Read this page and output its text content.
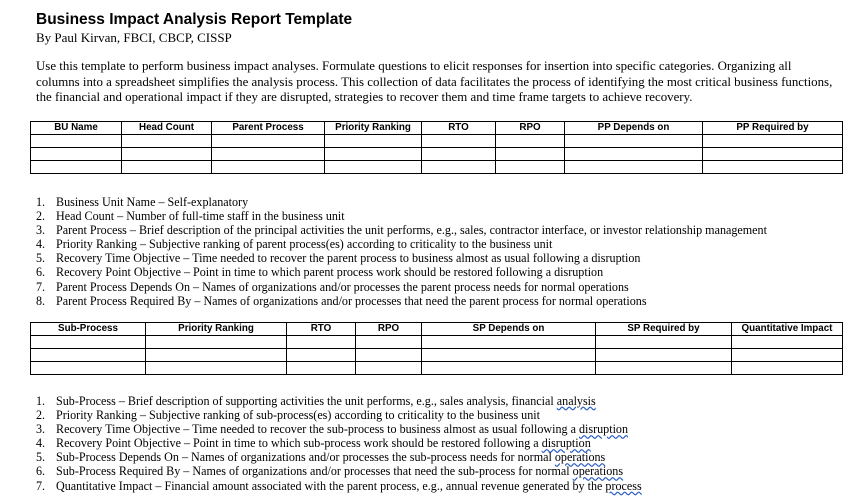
Business Impact Analysis Report Template
By Paul Kirvan, FBCI, CBCP, CISSP

Use this template to perform business impact analyses. Formulate questions to elicit responses for insertion into specific categories. Organizing all columns into a spreadsheet simplifies the analysis process. This collection of data facilitates the process of identifying the most critical business functions, the financial and operational impact if they are disrupted, strategies to recover them and time frame targets to achieve recovery.

BU Name	Head Count	Parent Process	Priority Ranking	RTO	RPO	PP Depends on	PP Required by

1. Business Unit Name – Self-explanatory
2. Head Count – Number of full-time staff in the business unit
3. Parent Process – Brief description of the principal activities the unit performs, e.g., sales, contractor interface, or investor relationship management
4. Priority Ranking – Subjective ranking of parent process(es) according to criticality to the business unit
5. Recovery Time Objective – Time needed to recover the parent process to business almost as usual following a disruption
6. Recovery Point Objective – Point in time to which parent process work should be restored following a disruption
7. Parent Process Depends On – Names of organizations and/or processes the parent process needs for normal operations
8. Parent Process Required By – Names of organizations and/or processes that need the parent process for normal operations
Sub-Process	Priority Ranking	RTO	RPO	SP Depends on	SP Required by	Quantitative Impact

1. Sub-Process – Brief description of supporting activities the unit performs, e.g., sales analysis, financial analysis
2. Priority Ranking – Subjective ranking of sub-process(es) according to criticality to the business unit
3. Recovery Time Objective – Time needed to recover the sub-process to business almost as usual following a disruption
4. Recovery Point Objective – Point in time to which sub-process work should be restored following a disruption
5. Sub-Process Depends On – Names of organizations and/or processes the sub-process needs for normal operations
6. Sub-Process Required By – Names of organizations and/or processes that need the sub-process for normal operations
7. Quantitative Impact – Financial amount associated with the parent process, e.g., annual revenue generated by the process
